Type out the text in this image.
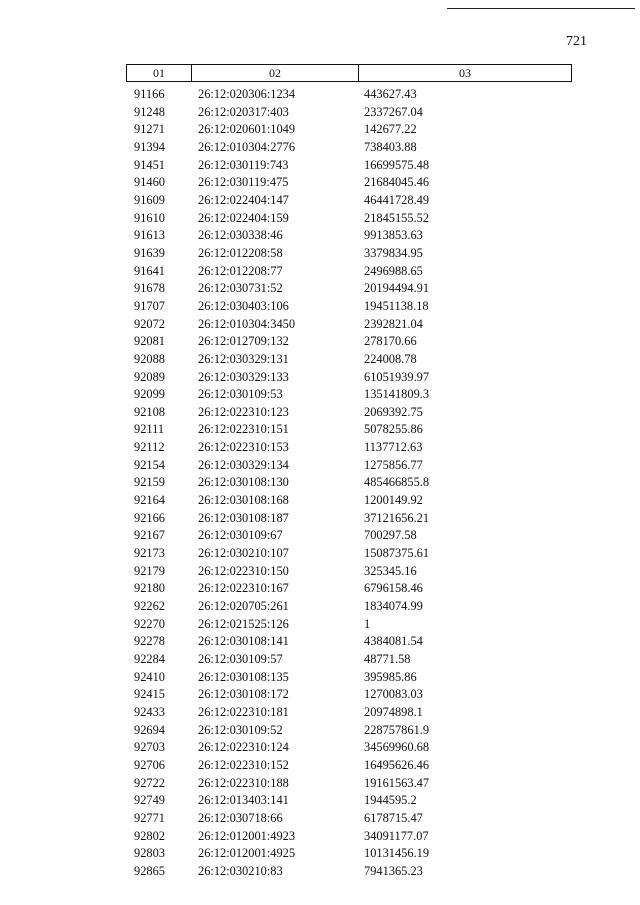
721
01	02	03
91166	26:12:020306:1234	443627.43
91248	26:12:020317:403	2337267.04
91271	26:12:020601:1049	142677.22
91394	26:12:010304:2776	738403.88
91451	26:12:030119:743	16699575.48
91460	26:12:030119:475	21684045.46
91609	26:12:022404:147	46441728.49
91610	26:12:022404:159	21845155.52
91613	26:12:030338:46	9913853.63
91639	26:12:012208:58	3379834.95
91641	26:12:012208:77	2496988.65
91678	26:12:030731:52	20194494.91
91707	26:12:030403:106	19451138.18
92072	26:12:010304:3450	2392821.04
92081	26:12:012709:132	278170.66
92088	26:12:030329:131	224008.78
92089	26:12:030329:133	61051939.97
92099	26:12:030109:53	135141809.3
92108	26:12:022310:123	2069392.75
92111	26:12:022310:151	5078255.86
92112	26:12:022310:153	1137712.63
92154	26:12:030329:134	1275856.77
92159	26:12:030108:130	485466855.8
92164	26:12:030108:168	1200149.92
92166	26:12:030108:187	37121656.21
92167	26:12:030109:67	700297.58
92173	26:12:030210:107	15087375.61
92179	26:12:022310:150	325345.16
92180	26:12:022310:167	6796158.46
92262	26:12:020705:261	1834074.99
92270	26:12:021525:126	1
92278	26:12:030108:141	4384081.54
92284	26:12:030109:57	48771.58
92410	26:12:030108:135	395985.86
92415	26:12:030108:172	1270083.03
92433	26:12:022310:181	20974898.1
92694	26:12:030109:52	228757861.9
92703	26:12:022310:124	34569960.68
92706	26:12:022310:152	16495626.46
92722	26:12:022310:188	19161563.47
92749	26:12:013403:141	1944595.2
92771	26:12:030718:66	6178715.47
92802	26:12:012001:4923	34091177.07
92803	26:12:012001:4925	10131456.19
92865	26:12:030210:83	7941365.23
